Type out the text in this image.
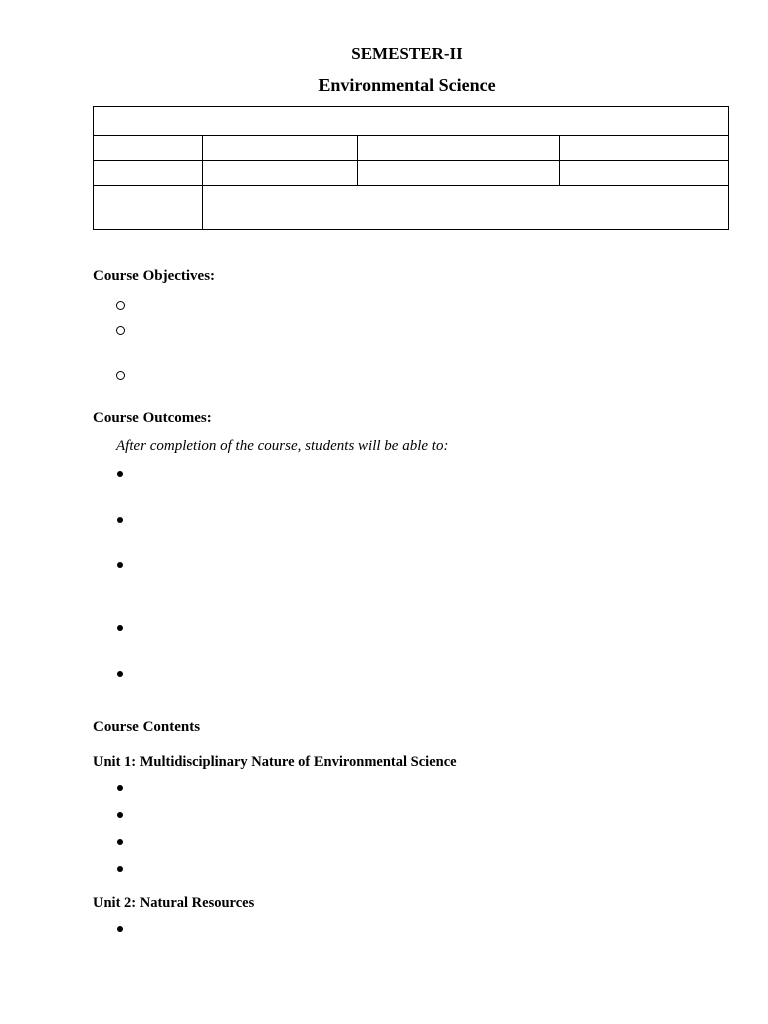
SEMESTER-II
Environmental Science

Course Objectives:
Course Outcomes:
After completion of the course, students will be able to:
Course Contents
Unit 1: Multidisciplinary Nature of Environmental Science
Unit 2: Natural Resources
